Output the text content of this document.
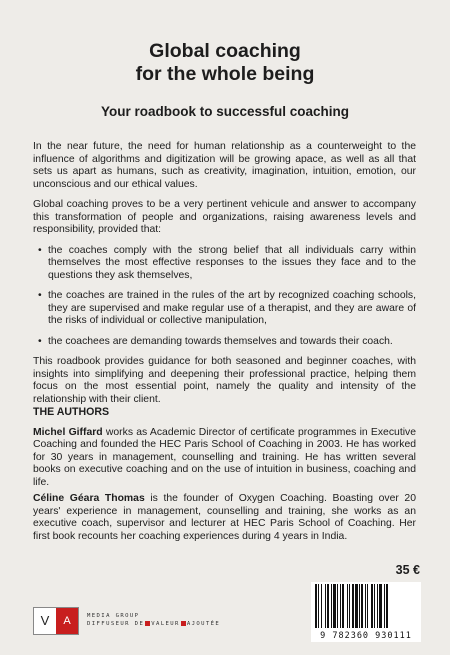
Global coaching
for the whole being
Your roadbook to successful coaching

In the near future, the need for human relationship as a counterweight to the influence of algorithms and digitization will be growing apace, as well as all that sets us apart as humans, such as creativity, imagination, intuition, emotion, our unconscious and our ethical values.

Global coaching proves to be a very pertinent vehicule and answer to accompany this transformation of people and organizations, raising awareness levels and responsibility, provided that:

• the coaches comply with the strong belief that all individuals carry within themselves the most effective responses to the issues they face and to the questions they ask themselves,
• the coaches are trained in the rules of the art by recognized coaching schools, they are supervised and make regular use of a therapist, and they are aware of the risks of individual or collective manipulation,
• the coachees are demanding towards themselves and towards their coach.

This roadbook provides guidance for both seasoned and beginner coaches, with insights into simplifying and deepening their professional practice, helping them focus on the most essential point, namely the quality and intensity of the relationship with their client.

THE AUTHORS

Michel Giffard works as Academic Director of certificate programmes in Executive Coaching and founded the HEC Paris School of Coaching in 2003. He has worked for 30 years in management, counselling and training. He has written several books on executive coaching and on the use of intuition in business, coaching and life.

Céline Géara Thomas is the founder of Oxygen Coaching. Boasting over 20 years' experience in management, counselling and training, she works as an executive coach, supervisor and lecturer at HEC Paris School of Coaching. Her first book recounts her coaching experiences during 4 years in India.

35 €
V	A	MEDIA GROUP
DIFFUSEUR DE VALEUR AJOUTÉE
9 782360 930111
